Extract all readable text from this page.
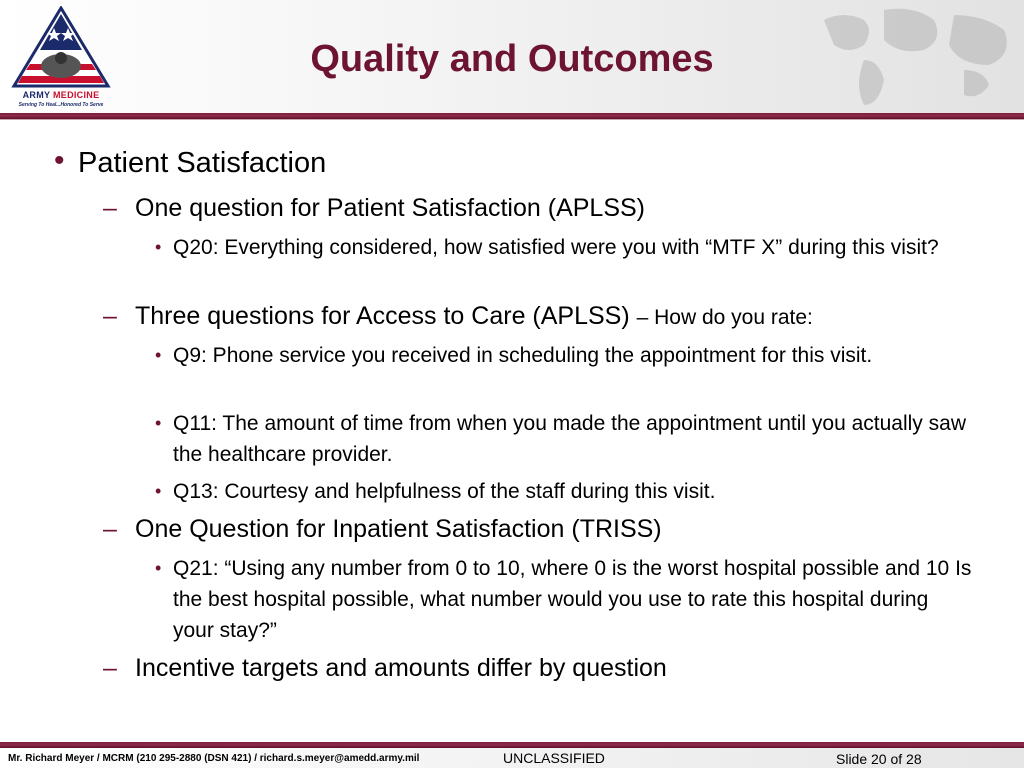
ARMY MEDICINE
Serving To Heal...Honored To Serve
Quality and Outcomes
• Patient Satisfaction
– One question for Patient Satisfaction (APLSS)
• Q20: Everything considered, how satisfied were you with “MTF X” during this visit?
– Three questions for Access to Care (APLSS) – How do you rate:
• Q9: Phone service you received in scheduling the appointment for this visit.
• Q11: The amount of time from when you made the appointment until you actually saw the healthcare provider.
• Q13: Courtesy and helpfulness of the staff during this visit.
– One Question for Inpatient Satisfaction (TRISS)
• Q21: “Using any number from 0 to 10, where 0 is the worst hospital possible and 10 Is the best hospital possible, what number would you use to rate this hospital during your stay?”
– Incentive targets and amounts differ by question
Mr. Richard Meyer / MCRM (210 295-2880 (DSN 421) / richard.s.meyer@amedd.army.mil	UNCLASSIFIED	Slide 20 of 28
